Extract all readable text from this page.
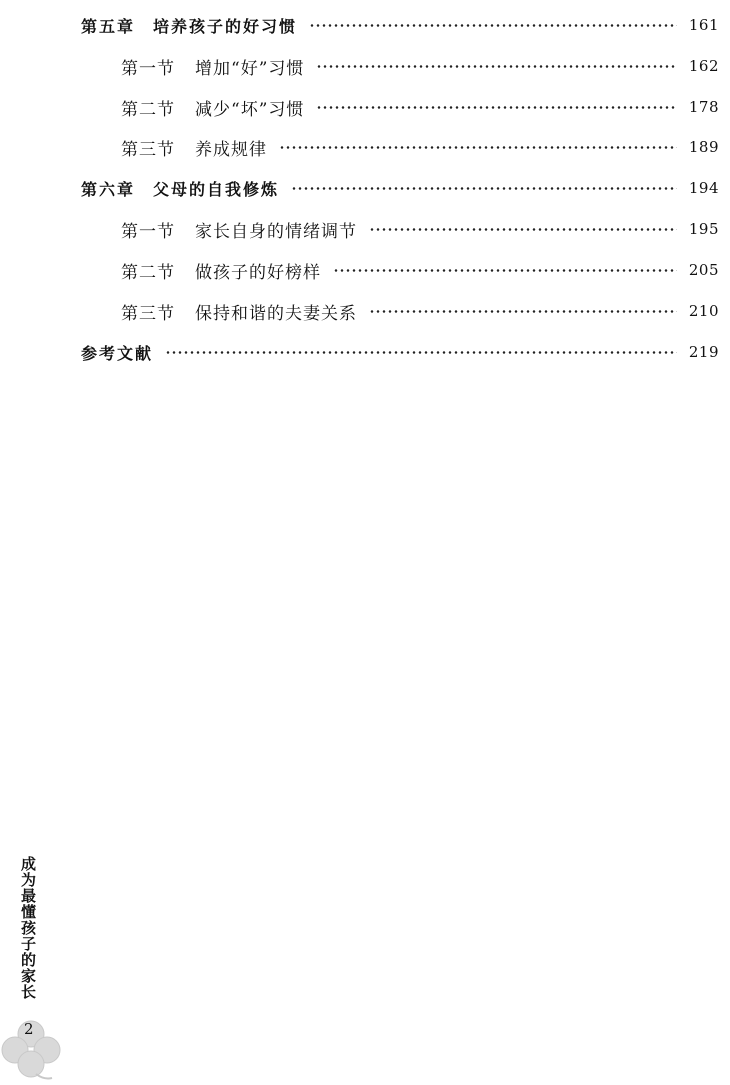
第五章 培养孩子的好习惯	161
第一节 增加“好”习惯	162
第二节 减少“坏”习惯	178
第三节 养成规律	189
第六章 父母的自我修炼	194
第一节 家长自身的情绪调节	195
第二节 做孩子的好榜样	205
第三节 保持和谐的夫妻关系	210
参考文献	219
成为最懂孩子的家长
2
